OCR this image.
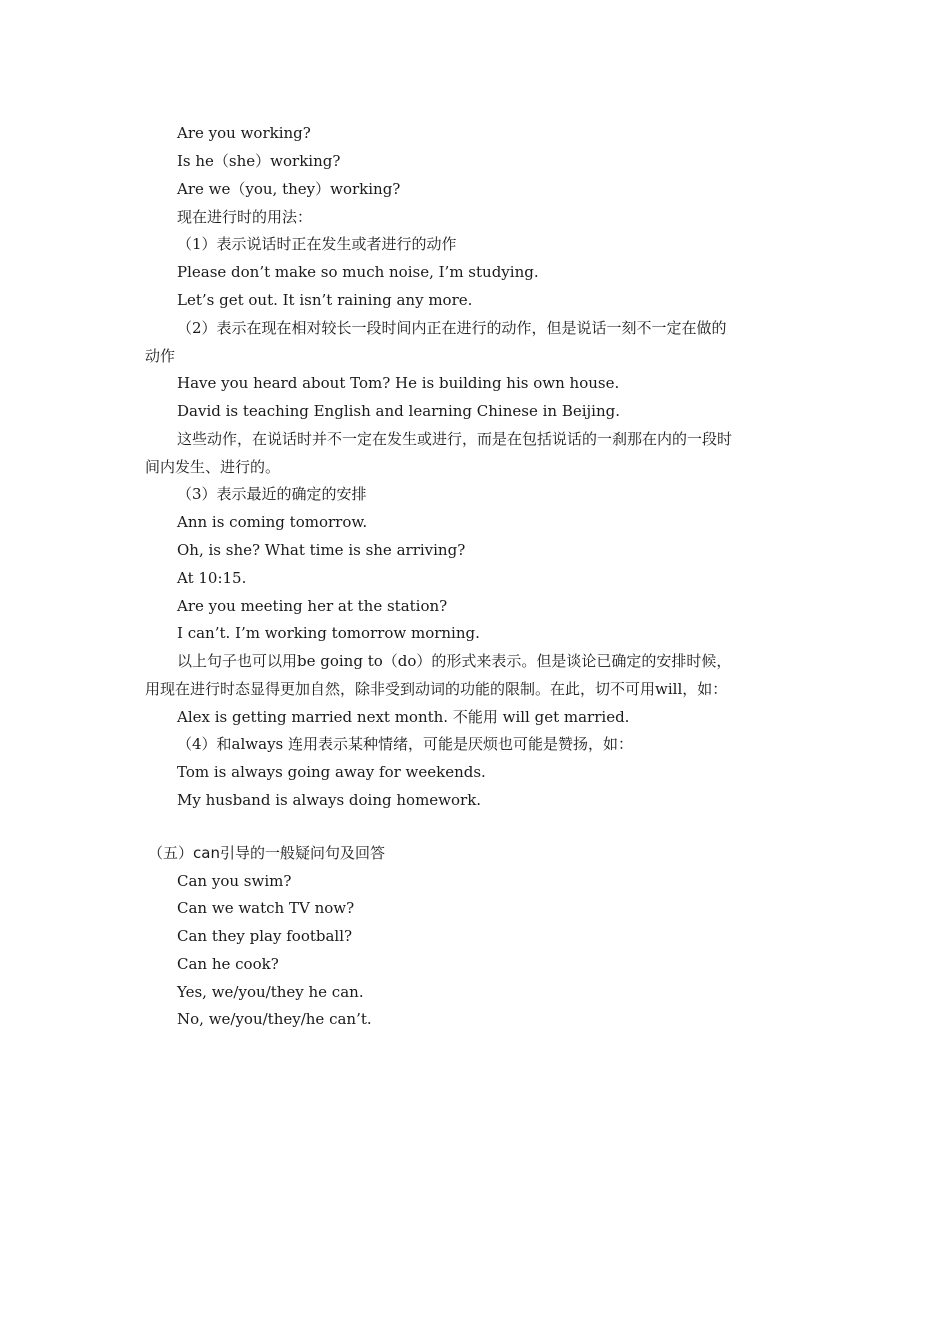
Are you working?
Is he（she）working?
Are we（you, they）working?
现在进行时的用法：
（1）表示说话时正在发生或者进行的动作
Please don’t make so much noise, I’m studying.
Let’s get out. It isn’t raining any more.
（2）表示在现在相对较长一段时间内正在进行的动作，但是说话一刻不一定在做的
动作
Have you heard about Tom? He is building his own house.
David is teaching English and learning Chinese in Beijing.
这些动作，在说话时并不一定在发生或进行，而是在包括说话的一刹那在内的一段时
间内发生、进行的。
（3）表示最近的确定的安排
Ann is coming tomorrow.
Oh, is she? What time is she arriving?
At 10:15.
Are you meeting her at the station?
I can’t. I’m working tomorrow morning.
以上句子也可以用be going to（do）的形式来表示。但是谈论已确定的安排时候，
用现在进行时态显得更加自然，除非受到动词的功能的限制。在此，切不可用will，如：
Alex is getting married next month. 不能用 will get married.
（4）和always 连用表示某种情绪，可能是厌烦也可能是赞扬，如：
Tom is always going away for weekends.
My husband is always doing homework.
（五）can引导的一般疑问句及回答
Can you swim?
Can we watch TV now?
Can they play football?
Can he cook?
Yes, we/you/they he can.
No, we/you/they/he can’t.
